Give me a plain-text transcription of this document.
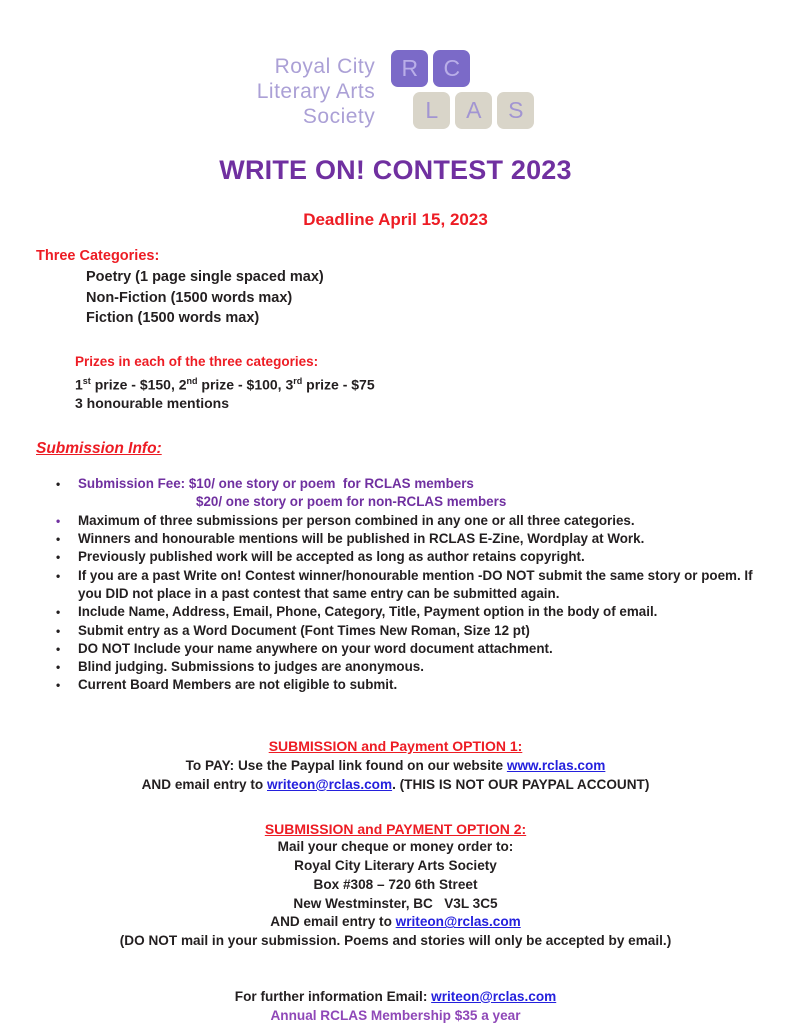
Royal City
Literary Arts
Society
R	C
L	A	S
WRITE ON! CONTEST 2023
Deadline April 15, 2023
Three Categories:
Poetry (1 page single spaced max)
Non-Fiction (1500 words max)
Fiction (1500 words max)
Prizes in each of the three categories:
1st prize - $150, 2nd prize - $100, 3rd prize - $75
3 honourable mentions
Submission Info:
•	Submission Fee: $10/ one story or poem  for RCLAS members
$20/ one story or poem for non-RCLAS members
•	Maximum of three submissions per person combined in any one or all three categories.
•	Winners and honourable mentions will be published in RCLAS E-Zine, Wordplay at Work.
•	Previously published work will be accepted as long as author retains copyright.
•	If you are a past Write on! Contest winner/honourable mention -DO NOT submit the same story or poem. If you DID not place in a past contest that same entry can be submitted again.
•	Include Name, Address, Email, Phone, Category, Title, Payment option in the body of email.
•	Submit entry as a Word Document (Font Times New Roman, Size 12 pt)
•	DO NOT Include your name anywhere on your word document attachment.
•	Blind judging. Submissions to judges are anonymous.
•	Current Board Members are not eligible to submit.
SUBMISSION and Payment OPTION 1:
To PAY: Use the Paypal link found on our website www.rclas.com
AND email entry to writeon@rclas.com. (THIS IS NOT OUR PAYPAL ACCOUNT)
SUBMISSION and PAYMENT OPTION 2:
Mail your cheque or money order to:
Royal City Literary Arts Society
Box #308 – 720 6th Street
New Westminster, BC   V3L 3C5
AND email entry to writeon@rclas.com
(DO NOT mail in your submission. Poems and stories will only be accepted by email.)
For further information Email: writeon@rclas.com
Annual RCLAS Membership $35 a year
